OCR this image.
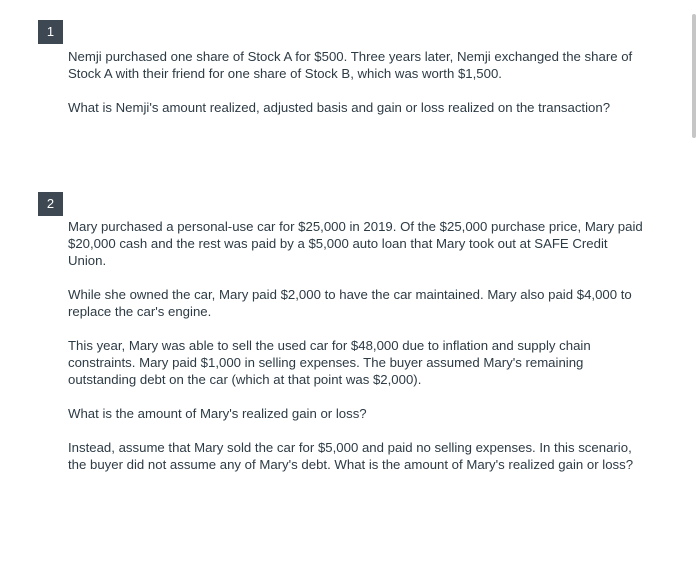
1

Nemji purchased one share of Stock A for $500. Three years later, Nemji exchanged the share of Stock A with their friend for one share of Stock B, which was worth $1,500.

What is Nemji's amount realized, adjusted basis and gain or loss realized on the transaction?

2

Mary purchased a personal-use car for $25,000 in 2019. Of the $25,000 purchase price, Mary paid $20,000 cash and the rest was paid by a $5,000 auto loan that Mary took out at SAFE Credit Union.

While she owned the car, Mary paid $2,000 to have the car maintained. Mary also paid $4,000 to replace the car's engine.

This year, Mary was able to sell the used car for $48,000 due to inflation and supply chain constraints. Mary paid $1,000 in selling expenses. The buyer assumed Mary's remaining outstanding debt on the car (which at that point was $2,000).

What is the amount of Mary's realized gain or loss?

Instead, assume that Mary sold the car for $5,000 and paid no selling expenses. In this scenario, the buyer did not assume any of Mary's debt. What is the amount of Mary's realized gain or loss?
